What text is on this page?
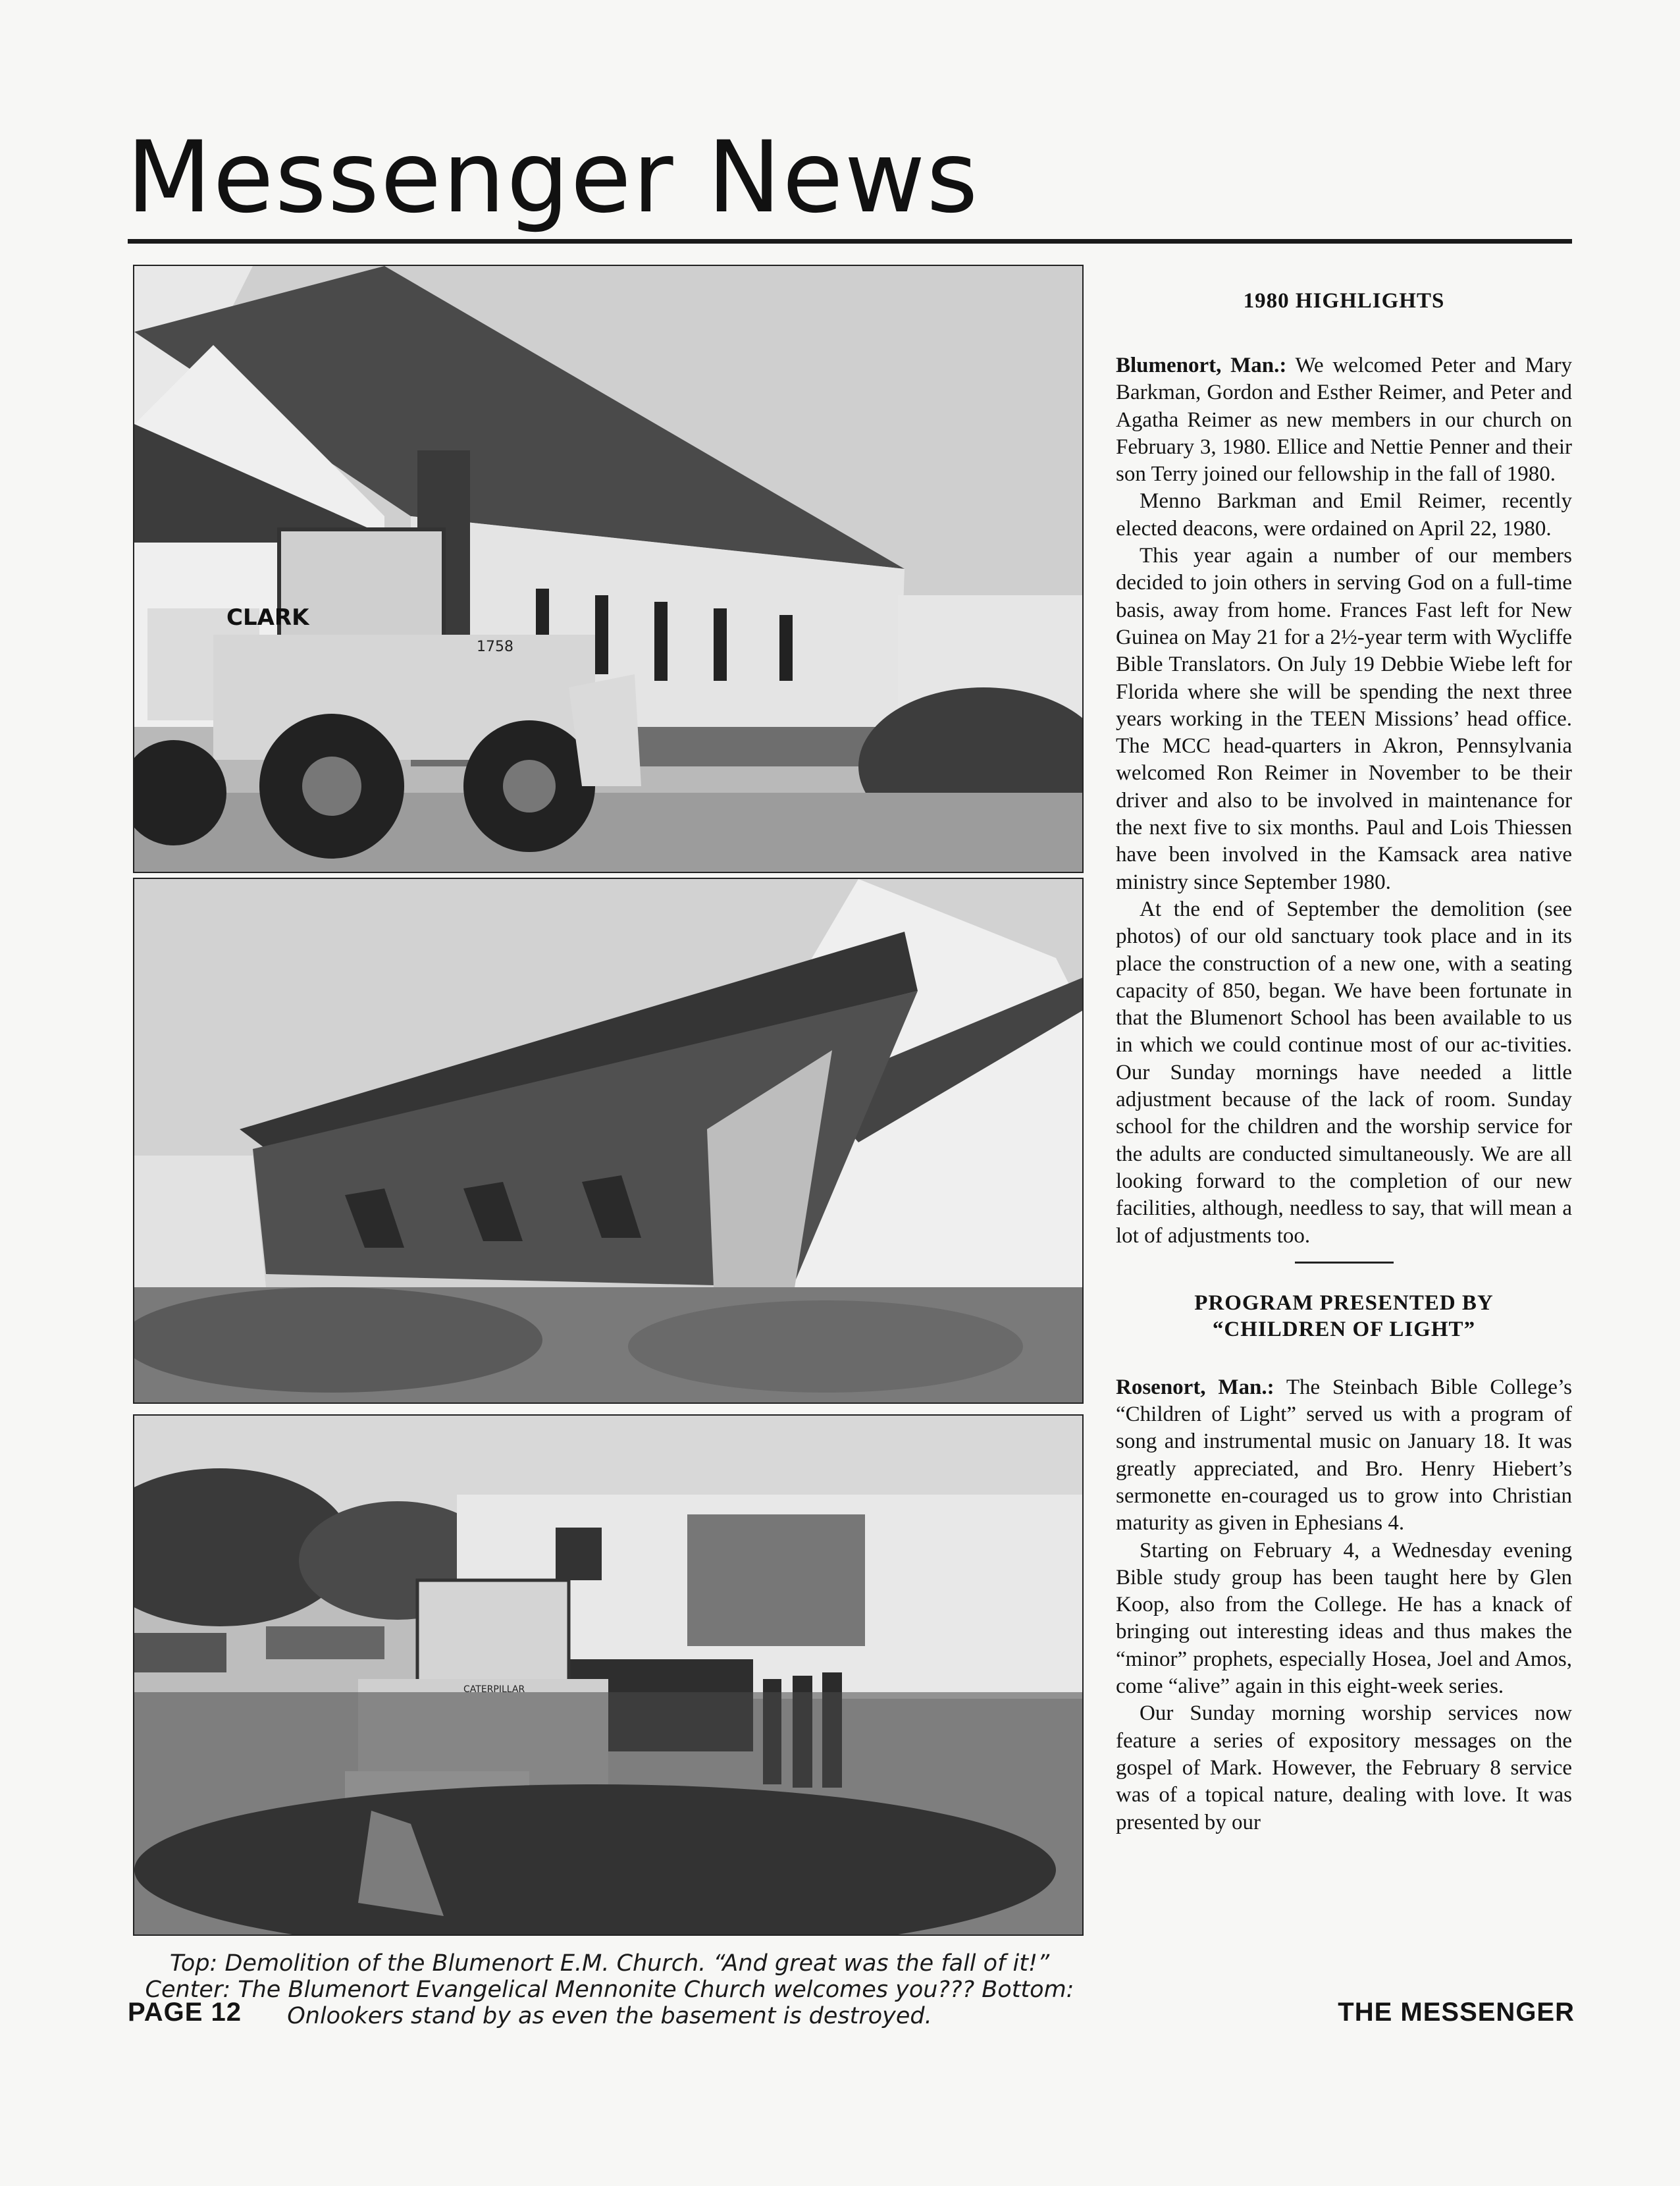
Messenger News
CLARK
1758
CATERPILLAR
Top: Demolition of the Blumenort E.M. Church. “And great was the fall of it!”
Center: The Blumenort Evangelical Mennonite Church welcomes you??? Bottom:
Onlookers stand by as even the basement is destroyed.
PAGE 12	THE MESSENGER
1980 HIGHLIGHTS

Blumenort, Man.: We welcomed Peter and Mary Barkman, Gordon and Esther Reimer, and Peter and Agatha Reimer as new members in our church on February 3, 1980. Ellice and Nettie Penner and their son Terry joined our fellowship in the fall of 1980.

Menno Barkman and Emil Reimer, recently elected deacons, were ordained on April 22, 1980.

This year again a number of our members decided to join others in serving God on a full-time basis, away from home. Frances Fast left for New Guinea on May 21 for a 2½-year term with Wycliffe Bible Translators. On July 19 Debbie Wiebe left for Florida where she will be spending the next three years working in the TEEN Missions’ head office. The MCC head-quarters in Akron, Pennsylvania welcomed Ron Reimer in November to be their driver and also to be involved in maintenance for the next five to six months. Paul and Lois Thiessen have been involved in the Kamsack area native ministry since September 1980.

At the end of September the demolition (see photos) of our old sanctuary took place and in its place the construction of a new one, with a seating capacity of 850, began. We have been fortunate in that the Blumenort School has been available to us in which we could continue most of our ac-tivities. Our Sunday mornings have needed a little adjustment because of the lack of room. Sunday school for the children and the worship service for the adults are conducted simultaneously. We are all looking forward to the completion of our new facilities, although, needless to say, that will mean a lot of adjustments too.

PROGRAM PRESENTED BY
“CHILDREN OF LIGHT”

Rosenort, Man.: The Steinbach Bible College’s “Children of Light” served us with a program of song and instrumental music on January 18. It was greatly appreciated, and Bro. Henry Hiebert’s sermonette en-couraged us to grow into Christian maturity as given in Ephesians 4.

Starting on February 4, a Wednesday evening Bible study group has been taught here by Glen Koop, also from the College. He has a knack of bringing out interesting ideas and thus makes the “minor” prophets, especially Hosea, Joel and Amos, come “alive” again in this eight-week series.

Our Sunday morning worship services now feature a series of expository messages on the gospel of Mark. However, the February 8 service was of a topical nature, dealing with love. It was presented by our
